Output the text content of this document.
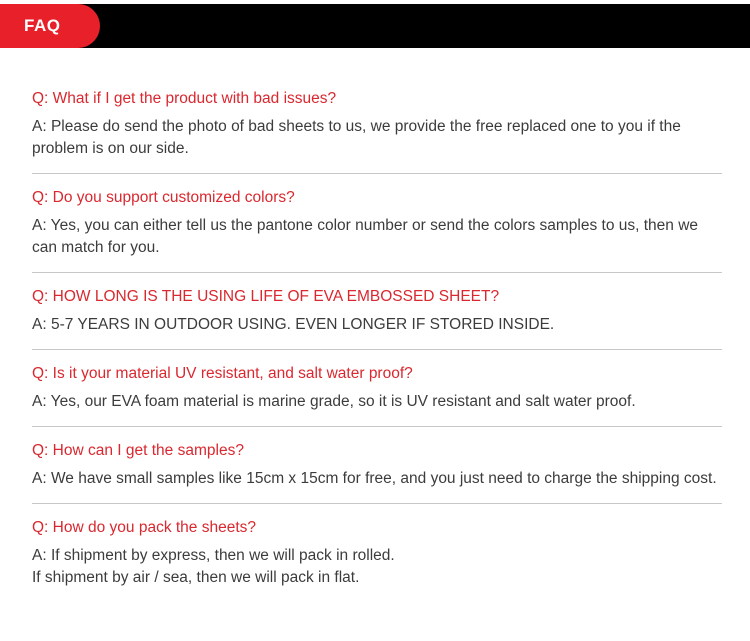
FAQ

Q: What if I get the product with bad issues?

A: Please do send the photo of bad sheets to us, we provide the free replaced one to you if the problem is on our side.

Q: Do you support customized colors?

A: Yes, you can either tell us the pantone color number or send the colors samples to us, then we can match for you.

Q: HOW LONG IS THE USING LIFE OF EVA EMBOSSED SHEET?

A: 5-7 YEARS IN OUTDOOR USING. EVEN LONGER IF STORED INSIDE.

Q: Is it your material UV resistant, and salt water proof?

A: Yes, our EVA foam material is marine grade, so it is UV resistant and salt water proof.

Q: How can I get the samples?

A: We have small samples like 15cm x 15cm for free, and you just need to charge the shipping cost.

Q: How do you pack the sheets?

A: If shipment by express, then we will pack in rolled.
If shipment by air / sea, then we will pack in flat.
